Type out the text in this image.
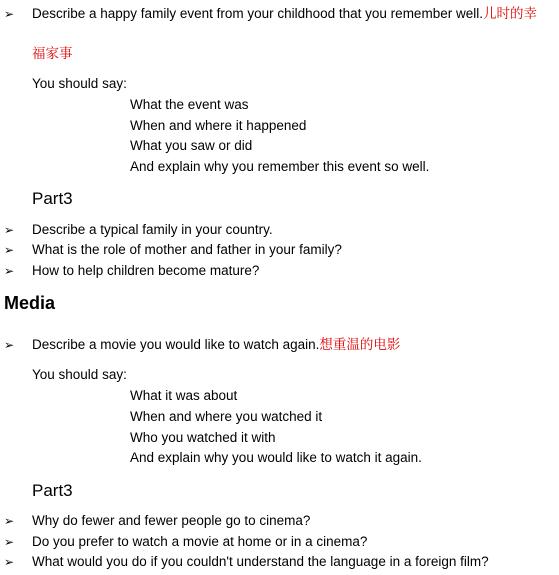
➢ Describe a happy family event from your childhood that you remember well.儿时的幸
福家事
You should say:
What the event was
When and where it happened
What you saw or did
And explain why you remember this event so well.
Part3
➢ Describe a typical family in your country.
➢ What is the role of mother and father in your family?
➢ How to help children become mature?
Media
➢ Describe a movie you would like to watch again.想重温的电影
You should say:
What it was about
When and where you watched it
Who you watched it with
And explain why you would like to watch it again.
Part3
➢ Why do fewer and fewer people go to cinema?
➢ Do you prefer to watch a movie at home or in a cinema?
➢ What would you do if you couldn't understand the language in a foreign film?
